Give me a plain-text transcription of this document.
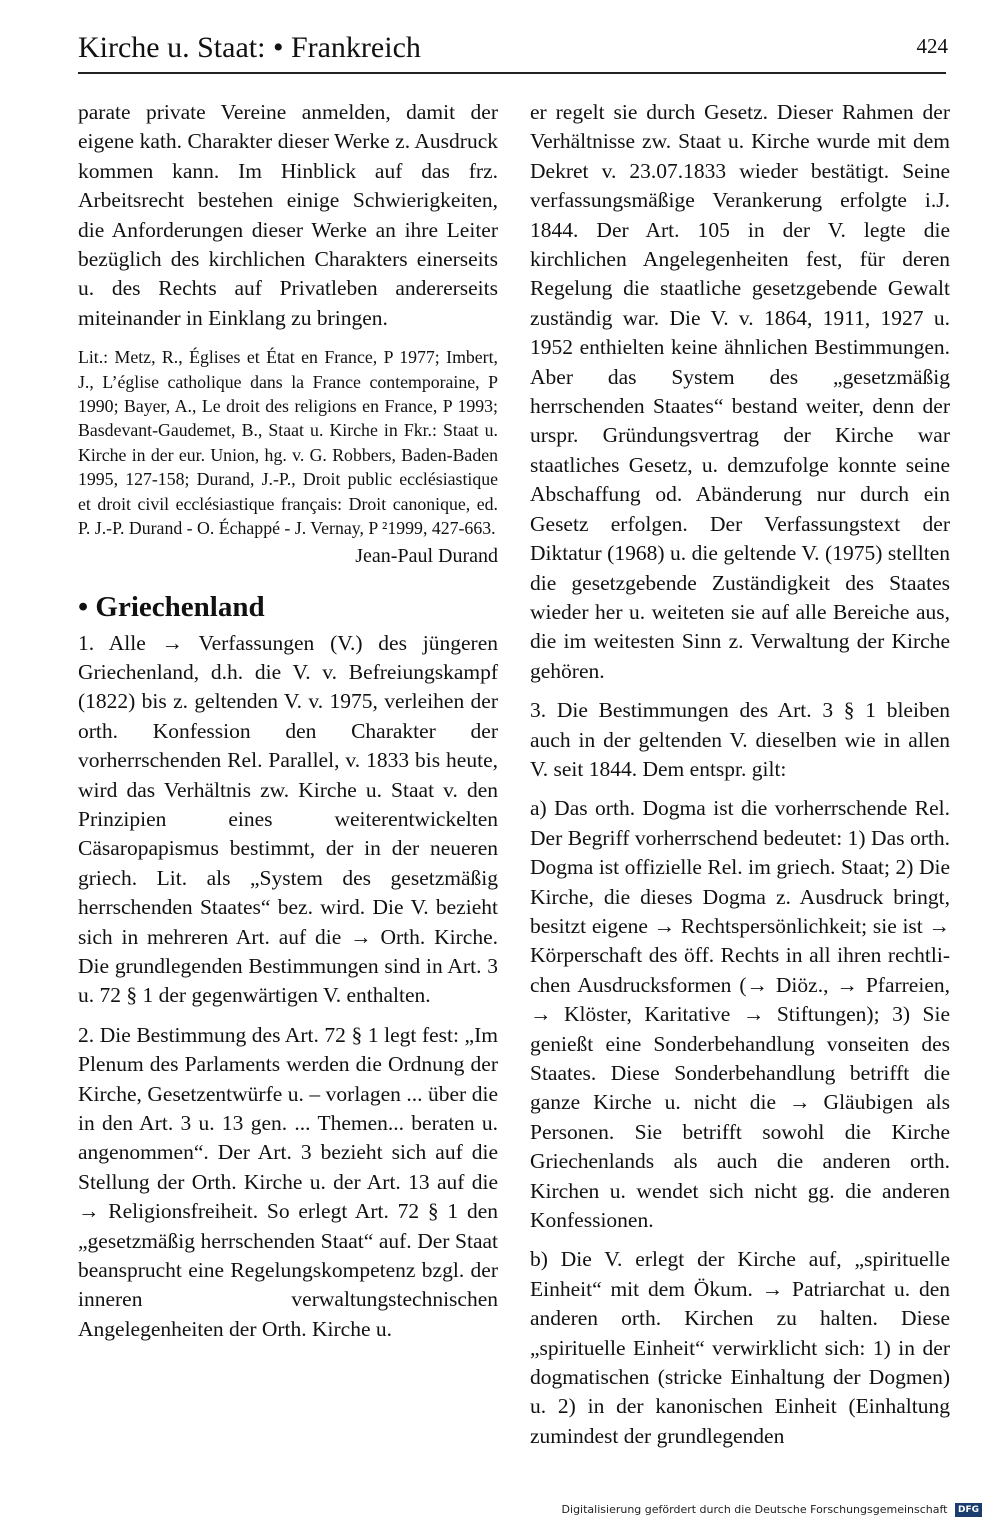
Kirche u. Staat: • Frankreich	424

parate private Vereine anmelden, damit der eigene kath. Charakter dieser Werke z. Ausdruck kommen kann. Im Hinblick auf das frz. Arbeitsrecht bestehen einige Schwierigkeiten, die Anforderungen dieser Werke an ihre Leiter bezüglich des kirchlichen Charakters einerseits u. des Rechts auf Privatleben andererseits miteinander in Einklang zu bringen.

Lit.: Metz, R., Églises et État en France, P 1977; Imbert, J., L’église catholique dans la France contemporaine, P 1990; Bayer, A., Le droit des religions en France, P 1993; Basdevant-Gaudemet, B., Staat u. Kirche in Fkr.: Staat u. Kirche in der eur. Union, hg. v. G. Robbers, Baden-Baden 1995, 127-158; Durand, J.-P., Droit public ecclésiastique et droit civil ecclésiastique français: Droit canonique, ed. P. J.-P. Durand - O. Échappé - J. Vernay, P ²1999, 427-663.

Jean-Paul Durand

• Griechenland

1. Alle → Verfassungen (V.) des jüngeren Griechenland, d.h. die V. v. Befreiungskampf (1822) bis z. geltenden V. v. 1975, verleihen der orth. Konfession den Charakter der vorherrschenden Rel. Parallel, v. 1833 bis heute, wird das Verhältnis zw. Kirche u. Staat v. den Prinzipien eines weiterentwickelten Cäsaropapismus bestimmt, der in der neueren griech. Lit. als „System des gesetzmäßig herrschenden Staates“ bez. wird. Die V. bezieht sich in mehreren Art. auf die → Orth. Kirche. Die grundlegenden Bestimmungen sind in Art. 3 u. 72 § 1 der gegenwärtigen V. enthalten.

2. Die Bestimmung des Art. 72 § 1 legt fest: „Im Plenum des Parlaments werden die Ordnung der Kirche, Gesetzentwürfe u. – vorlagen ... über die in den Art. 3 u. 13 gen. ... Themen... beraten u. angenommen“. Der Art. 3 bezieht sich auf die Stellung der Orth. Kirche u. der Art. 13 auf die → Religionsfreiheit. So erlegt Art. 72 § 1 den „gesetzmäßig herrschenden Staat“ auf. Der Staat beansprucht eine Regelungskompetenz bzgl. der inneren verwaltungstechnischen Angelegenheiten der Orth. Kirche u.

er regelt sie durch Gesetz. Dieser Rahmen der Verhältnisse zw. Staat u. Kirche wurde mit dem Dekret v. 23.07.1833 wieder bestätigt. Seine verfassungsmäßige Verankerung erfolgte i.J. 1844. Der Art. 105 in der V. legte die kirchlichen Angelegenheiten fest, für deren Regelung die staatliche gesetzgebende Gewalt zuständig war. Die V. v. 1864, 1911, 1927 u. 1952 enthielten keine ähnlichen Bestimmungen. Aber das System des „gesetzmäßig herrschenden Staates“ bestand weiter, denn der urspr. Gründungsvertrag der Kirche war staatliches Gesetz, u. demzufolge konnte seine Abschaffung od. Abänderung nur durch ein Gesetz erfolgen. Der Verfassungstext der Diktatur (1968) u. die geltende V. (1975) stellten die gesetzgebende Zuständigkeit des Staates wieder her u. weiteten sie auf alle Bereiche aus, die im weitesten Sinn z. Verwaltung der Kirche gehören.

3. Die Bestimmungen des Art. 3 § 1 bleiben auch in der geltenden V. dieselben wie in allen V. seit 1844. Dem entspr. gilt:

a) Das orth. Dogma ist die vorherrschende Rel. Der Begriff vorherrschend bedeutet: 1) Das orth. Dogma ist offizielle Rel. im griech. Staat; 2) Die Kirche, die dieses Dogma z. Ausdruck bringt, besitzt eigene → Rechtspersönlichkeit; sie ist → Körperschaft des öff. Rechts in all ihren rechtlichen Ausdrucksformen (→ Diöz., → Pfarreien, → Klöster, Karitative → Stiftungen); 3) Sie genießt eine Sonderbehandlung vonseiten des Staates. Diese Sonderbehandlung betrifft die ganze Kirche u. nicht die → Gläubigen als Personen. Sie betrifft sowohl die Kirche Griechenlands als auch die anderen orth. Kirchen u. wendet sich nicht gg. die anderen Konfessionen.

b) Die V. erlegt der Kirche auf, „spirituelle Einheit“ mit dem Ökum. → Patriarchat u. den anderen orth. Kirchen zu halten. Diese „spirituelle Einheit“ verwirklicht sich: 1) in der dogmatischen (stricke Einhaltung der Dogmen) u. 2) in der kanonischen Einheit (Einhaltung zumindest der grundlegenden

Digitalisierung gefördert durch die Deutsche Forschungsgemeinschaft DFG
